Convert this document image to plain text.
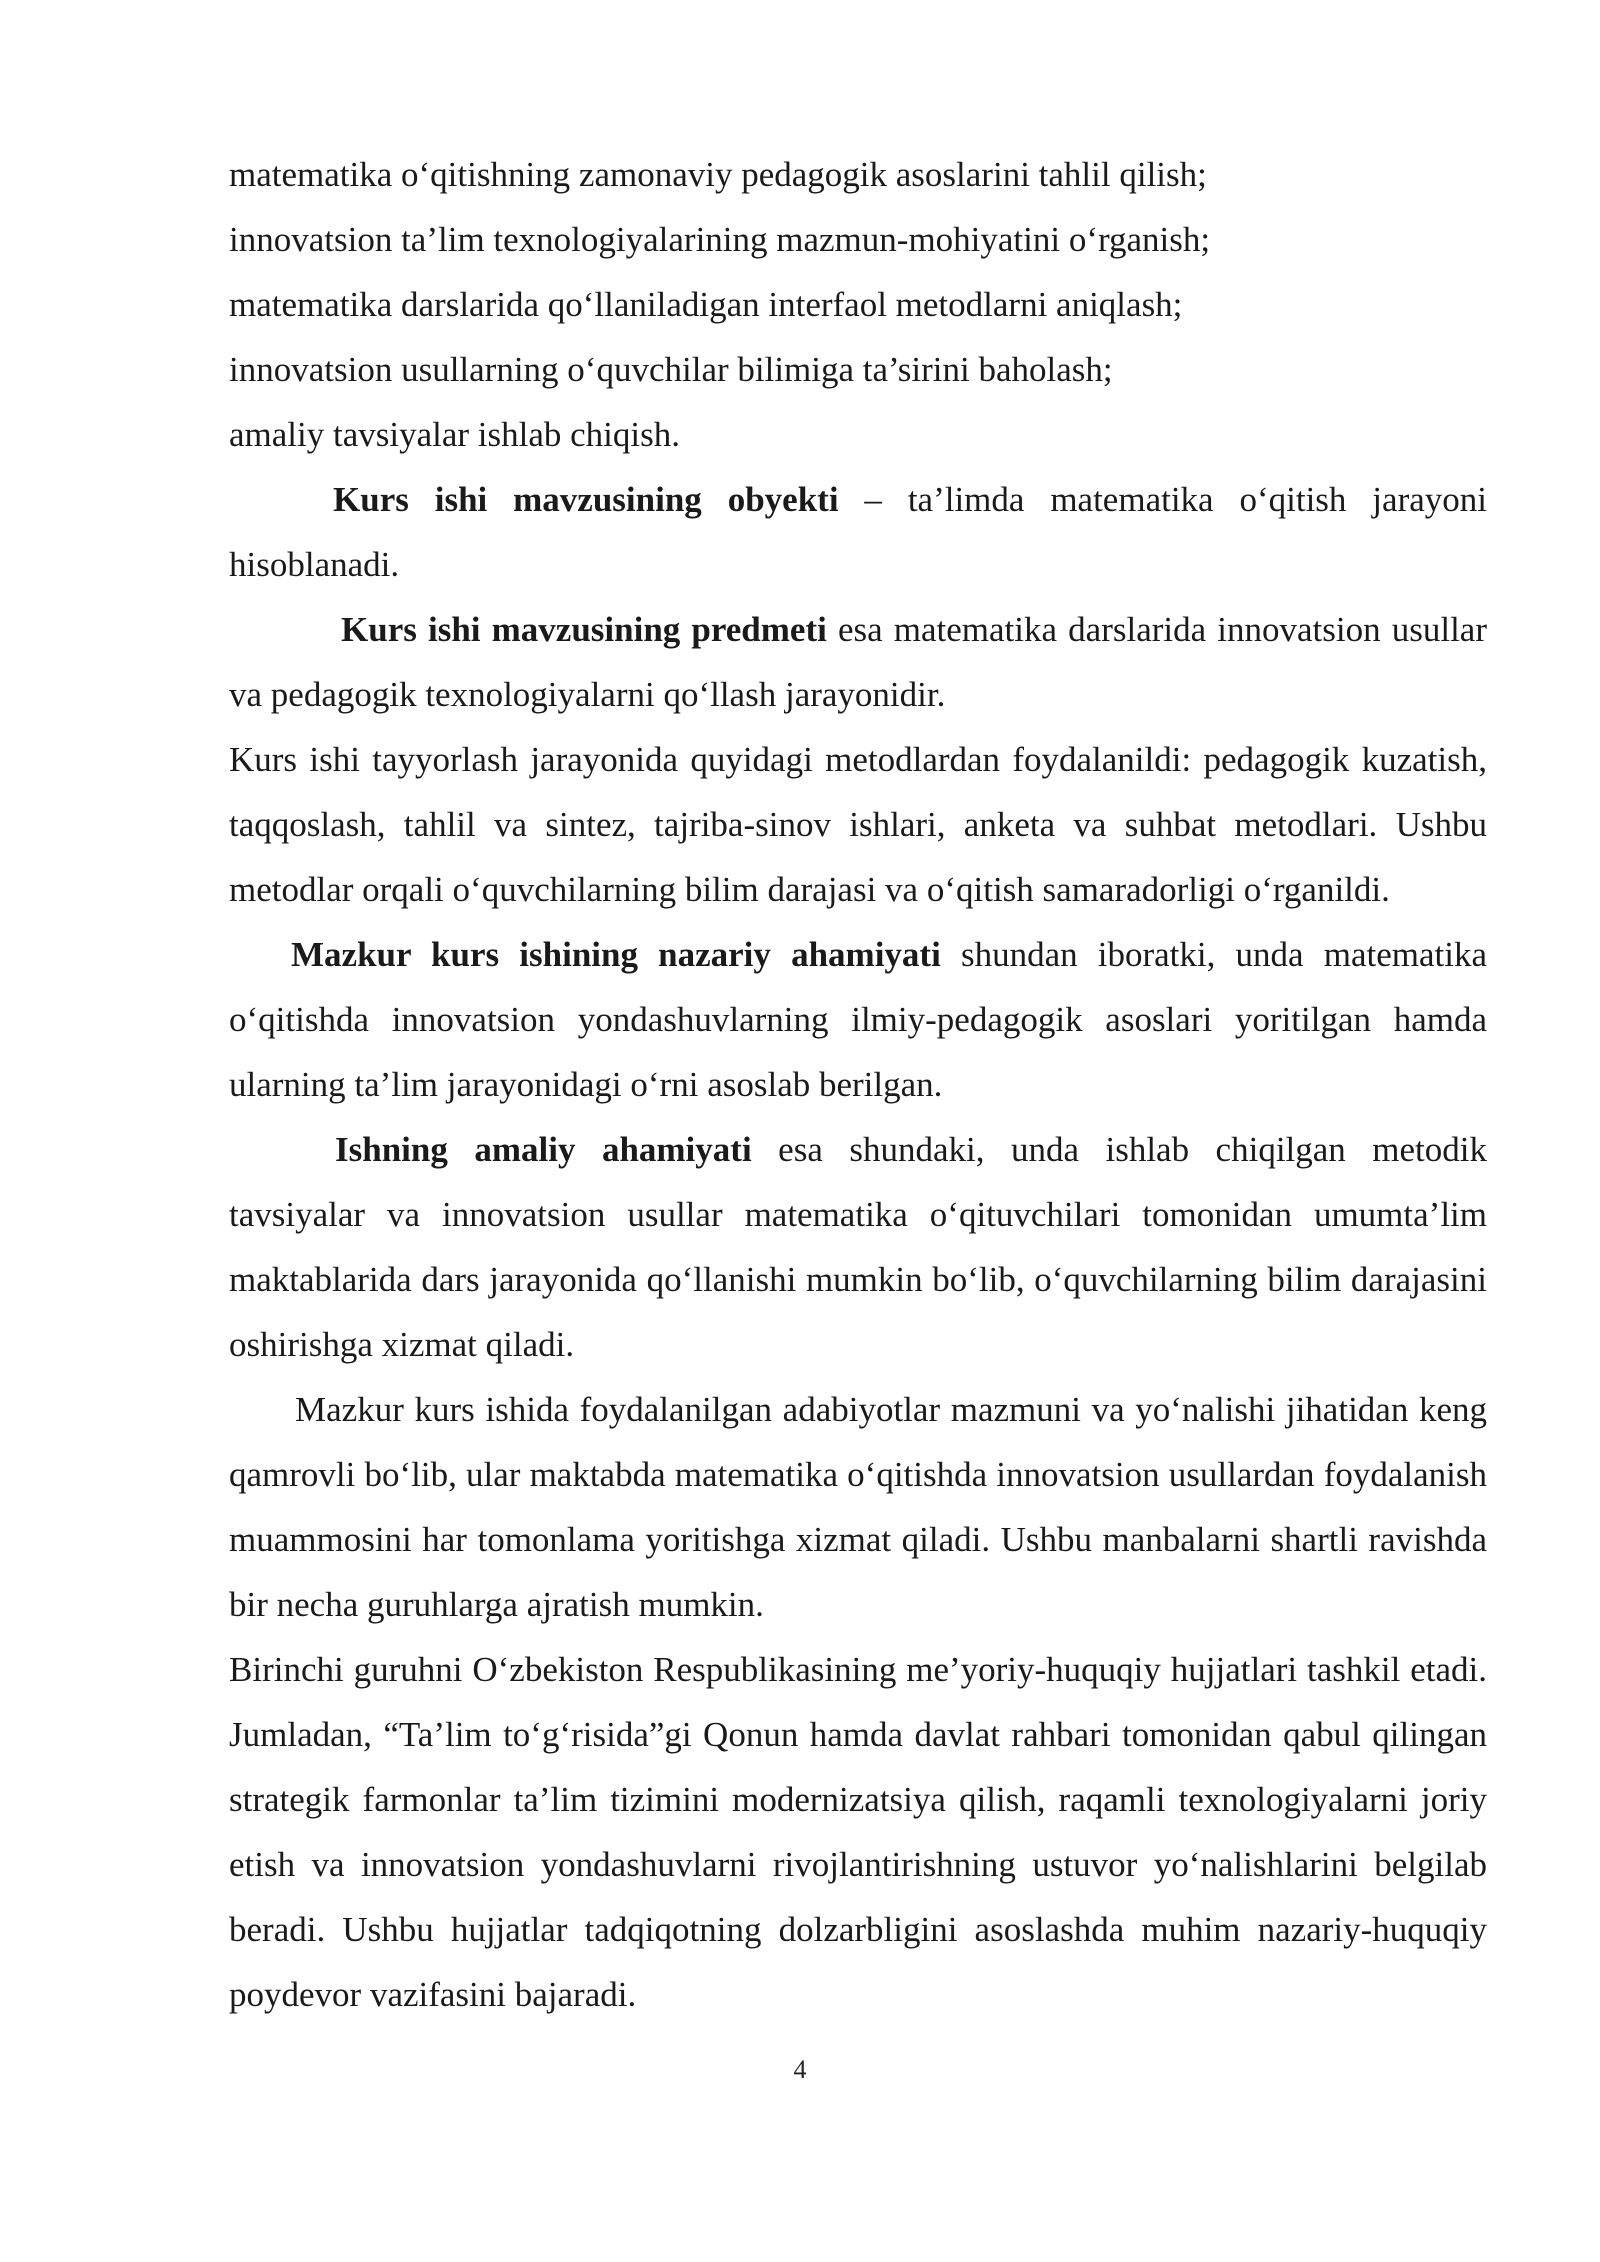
matematika o‘qitishning zamonaviy pedagogik asoslarini tahlil qilish;
innovatsion ta’lim texnologiyalarining mazmun-mohiyatini o‘rganish;
matematika darslarida qo‘llaniladigan interfaol metodlarni aniqlash;
innovatsion usullarning o‘quvchilar bilimiga ta’sirini baholash;
amaliy tavsiyalar ishlab chiqish.

Kurs ishi mavzusining obyekti – ta’limda matematika o‘qitish jarayoni hisoblanadi.

Kurs ishi mavzusining predmeti esa matematika darslarida innovatsion usullar va pedagogik texnologiyalarni qo‘llash jarayonidir.

Kurs ishi tayyorlash jarayonida quyidagi metodlardan foydalanildi: pedagogik kuzatish, taqqoslash, tahlil va sintez, tajriba-sinov ishlari, anketa va suhbat metodlari. Ushbu metodlar orqali o‘quvchilarning bilim darajasi va o‘qitish samaradorligi o‘rganildi.

Mazkur kurs ishining nazariy ahamiyati shundan iboratki, unda matematika o‘qitishda innovatsion yondashuvlarning ilmiy-pedagogik asoslari yoritilgan hamda ularning ta’lim jarayonidagi o‘rni asoslab berilgan.

Ishning amaliy ahamiyati esa shundaki, unda ishlab chiqilgan metodik tavsiyalar va innovatsion usullar matematika o‘qituvchilari tomonidan umumta’lim maktablarida dars jarayonida qo‘llanishi mumkin bo‘lib, o‘quvchilarning bilim darajasini oshirishga xizmat qiladi.

Mazkur kurs ishida foydalanilgan adabiyotlar mazmuni va yo‘nalishi jihatidan keng qamrovli bo‘lib, ular maktabda matematika o‘qitishda innovatsion usullardan foydalanish muammosini har tomonlama yoritishga xizmat qiladi. Ushbu manbalarni shartli ravishda bir necha guruhlarga ajratish mumkin.

Birinchi guruhni O‘zbekiston Respublikasining me’yoriy-huquqiy hujjatlari tashkil etadi. Jumladan, “Ta’lim to‘g‘risida”gi Qonun hamda davlat rahbari tomonidan qabul qilingan strategik farmonlar ta’lim tizimini modernizatsiya qilish, raqamli texnologiyalarni joriy etish va innovatsion yondashuvlarni rivojlantirishning ustuvor yo‘nalishlarini belgilab beradi. Ushbu hujjatlar tadqiqotning dolzarbligini asoslashda muhim nazariy-huquqiy poydevor vazifasini bajaradi.

4
